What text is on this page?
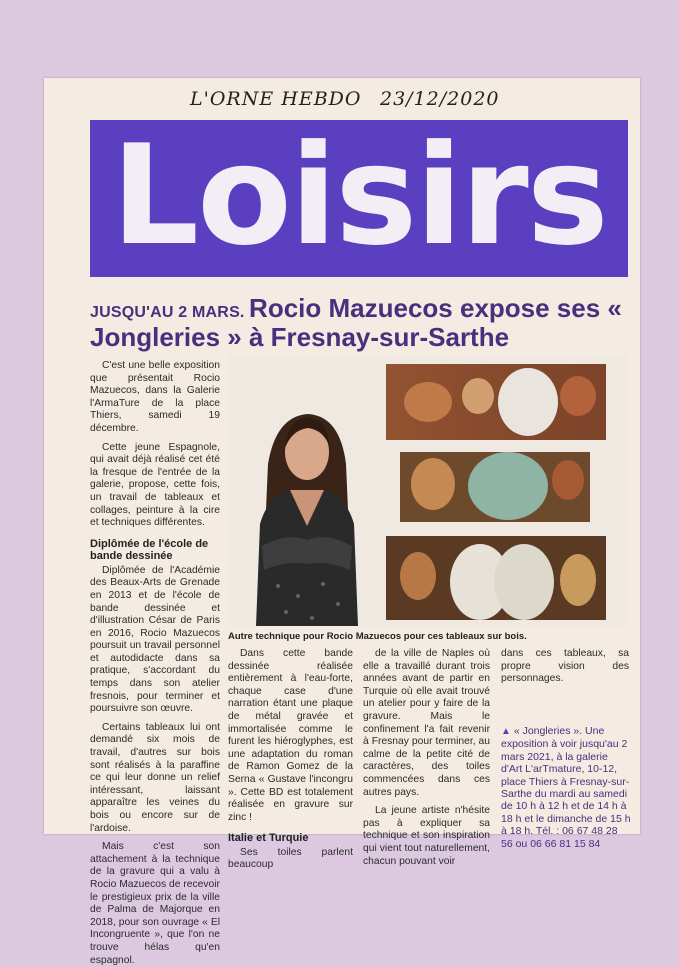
L'ORNE HEBDO 23/12/2020
Loisirs
JUSQU'AU 2 MARS. Rocio Mazuecos expose ses « Jongleries » à Fresnay-sur-Sarthe

C'est une belle exposition que présentait Rocio Mazuecos, dans la Galerie l'ArmaTure de la place Thiers, samedi 19 décembre.

Cette jeune Espagnole, qui avait déjà réalisé cet été la fresque de l'entrée de la galerie, propose, cette fois, un travail de tableaux et collages, peinture à la cire et techniques différentes.

Diplômée de l'école de bande dessinée

Diplômée de l'Académie des Beaux-Arts de Grenade en 2013 et de l'école de bande dessinée et d'illustration César de Paris en 2016, Rocio Mazuecos poursuit un travail personnel et autodidacte dans sa pratique, s'accordant du temps dans son atelier fresnois, pour terminer et poursuivre son œuvre.

Certains tableaux lui ont demandé six mois de travail, d'autres sur bois sont réalisés à la paraffine ce qui leur donne un relief intéressant, laissant apparaître les veines du bois ou encore sur de l'ardoise.

Mais c'est son attachement à la technique de la gravure qui a valu à Rocio Mazuecos de recevoir le prestigieux prix de la ville de Palma de Majorque en 2018, pour son ouvrage « El Incongruente », que l'on ne trouve hélas qu'en espagnol.

Autre technique pour Rocio Mazuecos pour ces tableaux sur bois.

Dans cette bande dessinée réalisée entièrement à l'eau-forte, chaque case d'une narration étant une plaque de métal gravée et immortalisée comme le furent les hiéroglyphes, est une adaptation du roman de Ramon Gomez de la Serna « Gustave l'incongru ». Cette BD est totalement réalisée en gravure sur zinc !

Italie et Turquie

Ses toiles parlent beaucoup

de la ville de Naples où elle a travaillé durant trois années avant de partir en Turquie où elle avait trouvé un atelier pour y faire de la gravure. Mais le confinement l'a fait revenir à Fresnay pour terminer, au calme de la petite cité de caractères, des toiles commencées dans ces autres pays.

La jeune artiste n'hésite pas à expliquer sa technique et son inspiration qui vient tout naturellement, chacun pouvant voir

dans ces tableaux, sa propre vision des personnages.

▲ « Jongleries ». Une exposition à voir jusqu'au 2 mars 2021, à la galerie d'Art L'arTmature, 10-12, place Thiers à Fresnay-sur-Sarthe du mardi au samedi de 10 h à 12 h et de 14 h à 18 h et le dimanche de 15 h à 18 h. Tél. : 06 67 48 28 56 ou 06 66 81 15 84
